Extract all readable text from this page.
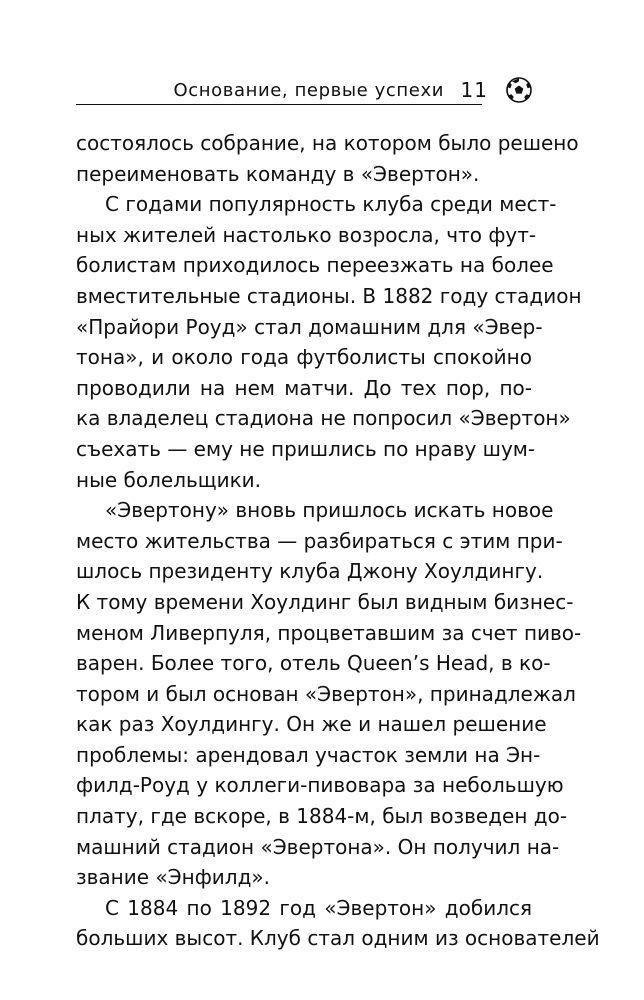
Основание, первые успехи 11
состоялось собрание, на котором было решено
переименовать команду в «Эвертон».
С годами популярность клуба среди мест-
ных жителей настолько возросла, что фут-
болистам приходилось переезжать на более
вместительные стадионы. В 1882 году стадион
«Прайори Роуд» стал домашним для «Эвер-
тона», и около года футболисты спокойно
проводили на нем матчи. До тех пор, по-
ка владелец стадиона не попросил «Эвертон»
съехать — ему не пришлись по нраву шум-
ные болельщики.
«Эвертону» вновь пришлось искать новое
место жительства — разбираться с этим при-
шлось президенту клуба Джону Хоулдингу.
К тому времени Хоулдинг был видным бизнес-
меном Ливерпуля, процветавшим за счет пиво-
варен. Более того, отель Queen’s Head, в ко-
тором и был основан «Эвертон», принадлежал
как раз Хоулдингу. Он же и нашел решение
проблемы: арендовал участок земли на Эн-
филд-Роуд у коллеги-пивовара за небольшую
плату, где вскоре, в 1884-м, был возведен до-
машний стадион «Эвертона». Он получил на-
звание «Энфилд».
С 1884 по 1892 год «Эвертон» добился
больших высот. Клуб стал одним из основателей
